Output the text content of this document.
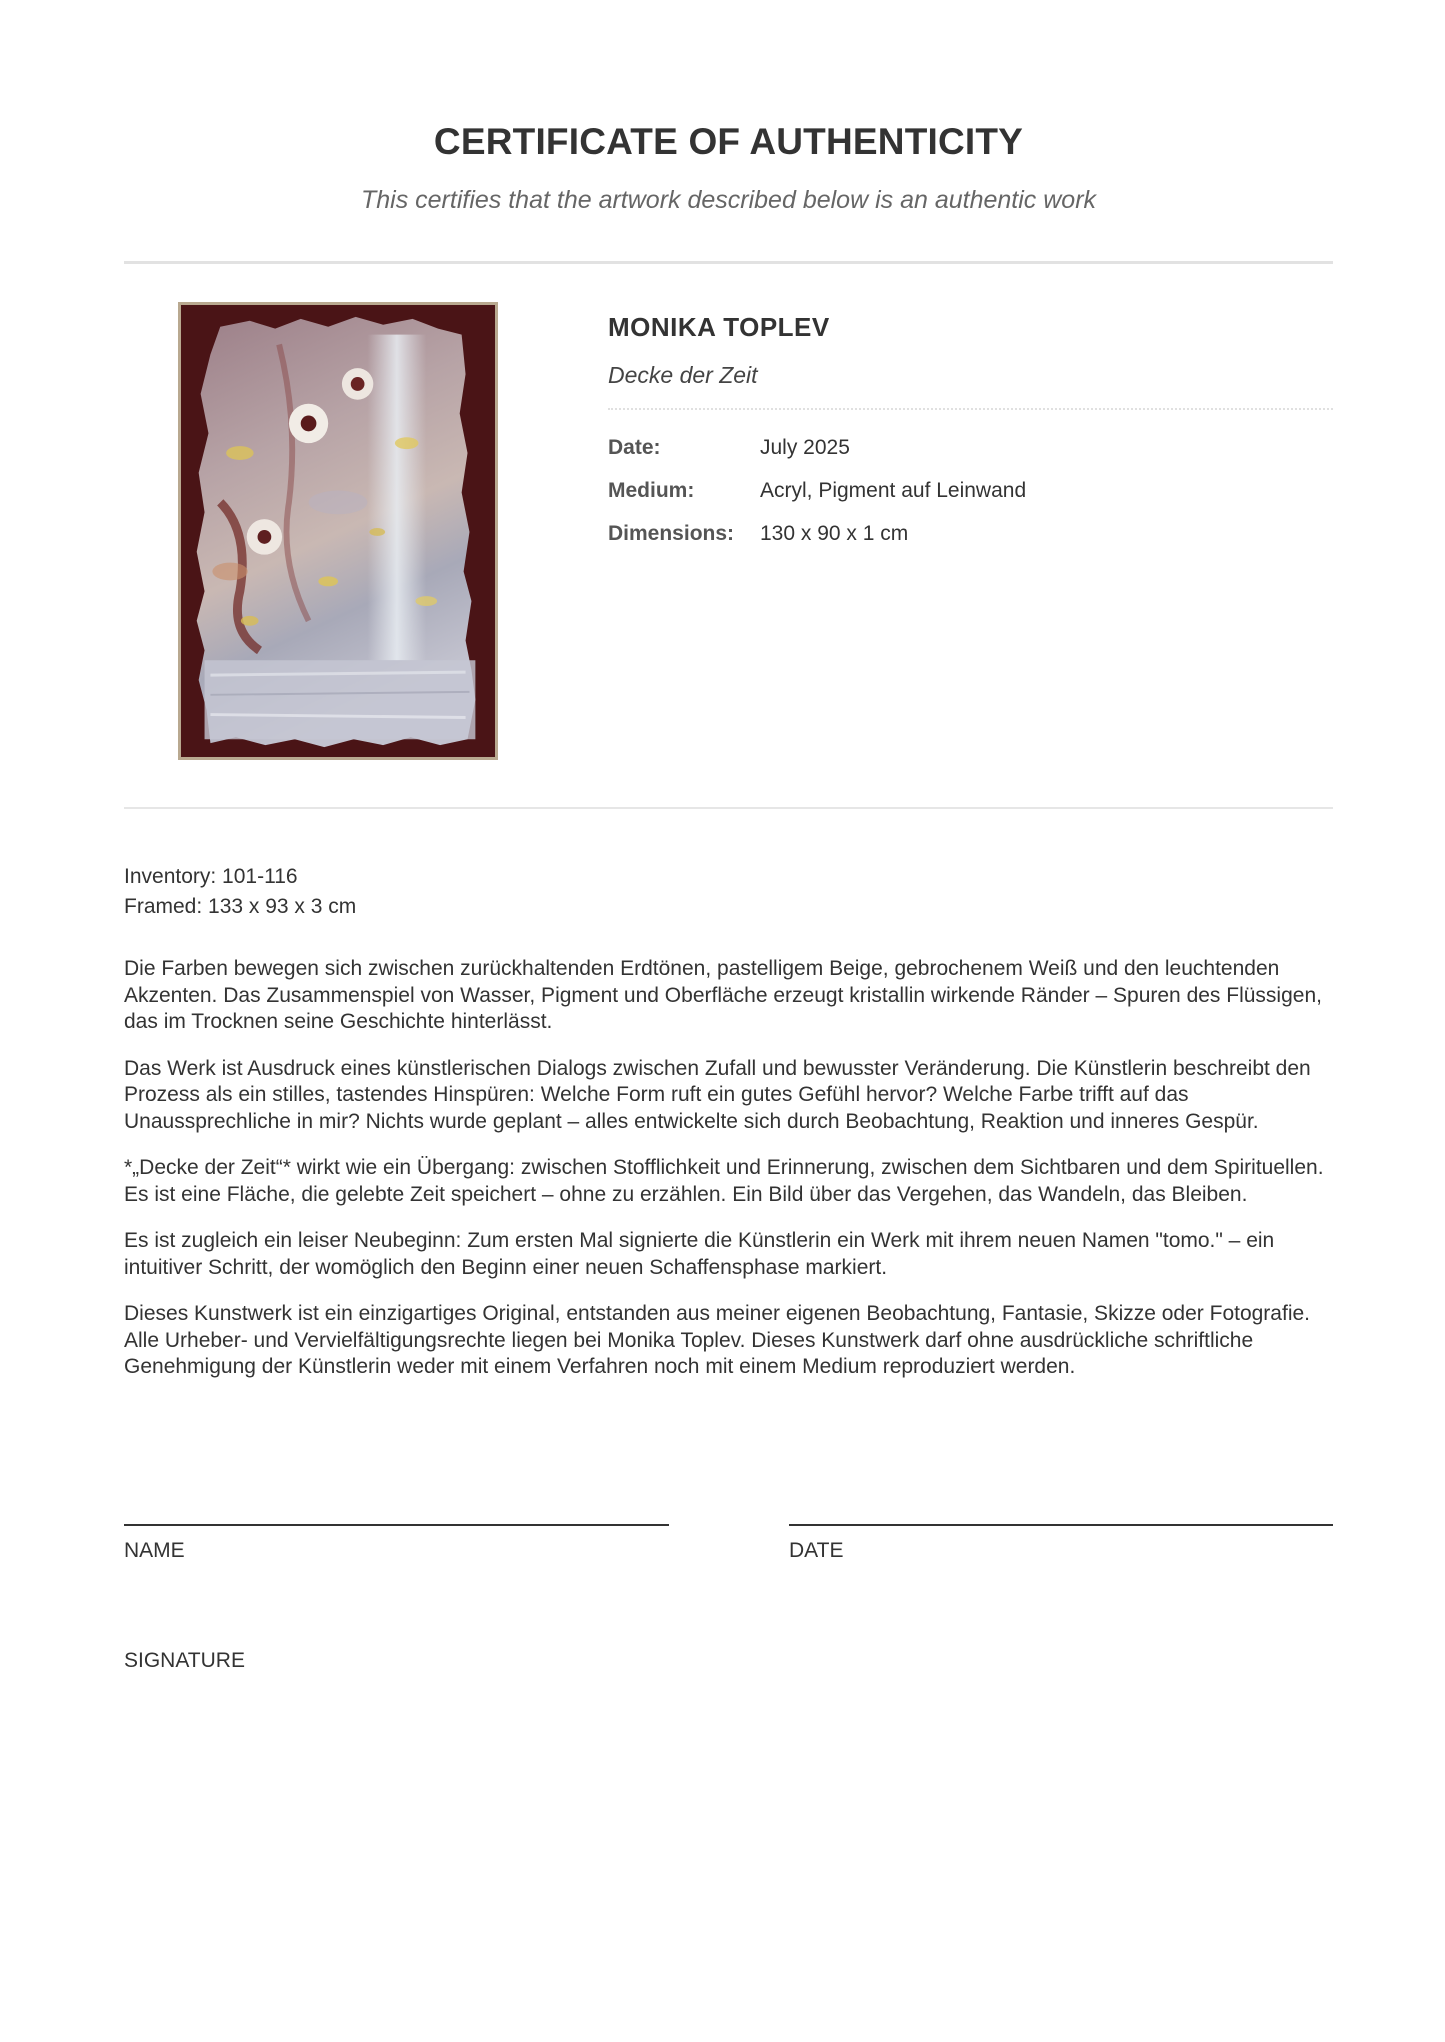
CERTIFICATE OF AUTHENTICITY

This certifies that the artwork described below is an authentic work

MONIKA TOPLEV
Decke der Zeit
Date:	July 2025
Medium:	Acryl, Pigment auf Leinwand
Dimensions:	130 x 90 x 1 cm
Inventory: 101-116
Framed: 133 x 93 x 3 cm

Die Farben bewegen sich zwischen zurückhaltenden Erdtönen, pastelligem Beige, gebrochenem Weiß und den leuchtenden Akzenten. Das Zusammenspiel von Wasser, Pigment und Oberfläche erzeugt kristallin wirkende Ränder – Spuren des Flüssigen, das im Trocknen seine Geschichte hinterlässt.

Das Werk ist Ausdruck eines künstlerischen Dialogs zwischen Zufall und bewusster Veränderung. Die Künstlerin beschreibt den Prozess als ein stilles, tastendes Hinspüren: Welche Form ruft ein gutes Gefühl hervor? Welche Farbe trifft auf das Unaussprechliche in mir? Nichts wurde geplant – alles entwickelte sich durch Beobachtung, Reaktion und inneres Gespür.

*„Decke der Zeit“* wirkt wie ein Übergang: zwischen Stofflichkeit und Erinnerung, zwischen dem Sichtbaren und dem Spirituellen. Es ist eine Fläche, die gelebte Zeit speichert – ohne zu erzählen. Ein Bild über das Vergehen, das Wandeln, das Bleiben.

Es ist zugleich ein leiser Neubeginn: Zum ersten Mal signierte die Künstlerin ein Werk mit ihrem neuen Namen "tomo." – ein intuitiver Schritt, der womöglich den Beginn einer neuen Schaffensphase markiert.

Dieses Kunstwerk ist ein einzigartiges Original, entstanden aus meiner eigenen Beobachtung, Fantasie, Skizze oder Fotografie. Alle Urheber- und Vervielfältigungsrechte liegen bei Monika Toplev. Dieses Kunstwerk darf ohne ausdrückliche schriftliche Genehmigung der Künstlerin weder mit einem Verfahren noch mit einem Medium reproduziert werden.

NAME	DATE
SIGNATURE
